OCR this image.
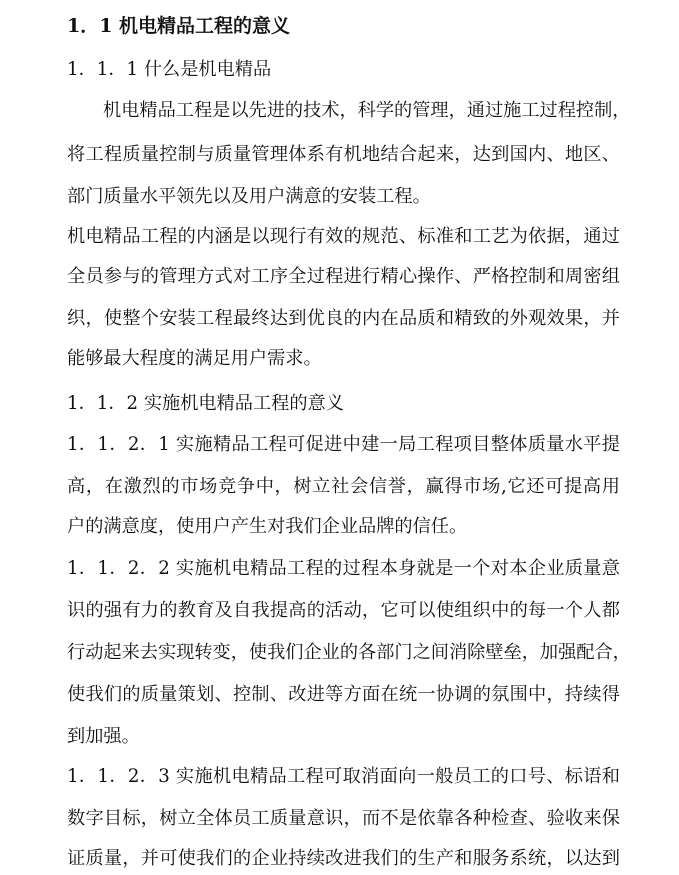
1．1 机电精品工程的意义
1．1．1 什么是机电精品
机电精品工程是以先进的技术，科学的管理，通过施工过程控制，
将工程质量控制与质量管理体系有机地结合起来，达到国内、地区、
部门质量水平领先以及用户满意的安装工程。
机电精品工程的内涵是以现行有效的规范、标准和工艺为依据，通过
全员参与的管理方式对工序全过程进行精心操作、严格控制和周密组
织，使整个安装工程最终达到优良的内在品质和精致的外观效果，并
能够最大程度的满足用户需求。
1．1．2 实施机电精品工程的意义
1．1．2．1 实施精品工程可促进中建一局工程项目整体质量水平提
高，在激烈的市场竞争中，树立社会信誉，赢得市场,它还可提高用
户的满意度，使用户产生对我们企业品牌的信任。
1．1．2．2 实施机电精品工程的过程本身就是一个对本企业质量意
识的强有力的教育及自我提高的活动，它可以使组织中的每一个人都
行动起来去实现转变，使我们企业的各部门之间消除壁垒，加强配合，
使我们的质量策划、控制、改进等方面在统一协调的氛围中，持续得
到加强。
1．1．2．3 实施机电精品工程可取消面向一般员工的口号、标语和
数字目标，树立全体员工质量意识，而不是依靠各种检查、验收来保
证质量，并可使我们的企业持续改进我们的生产和服务系统，以达到
